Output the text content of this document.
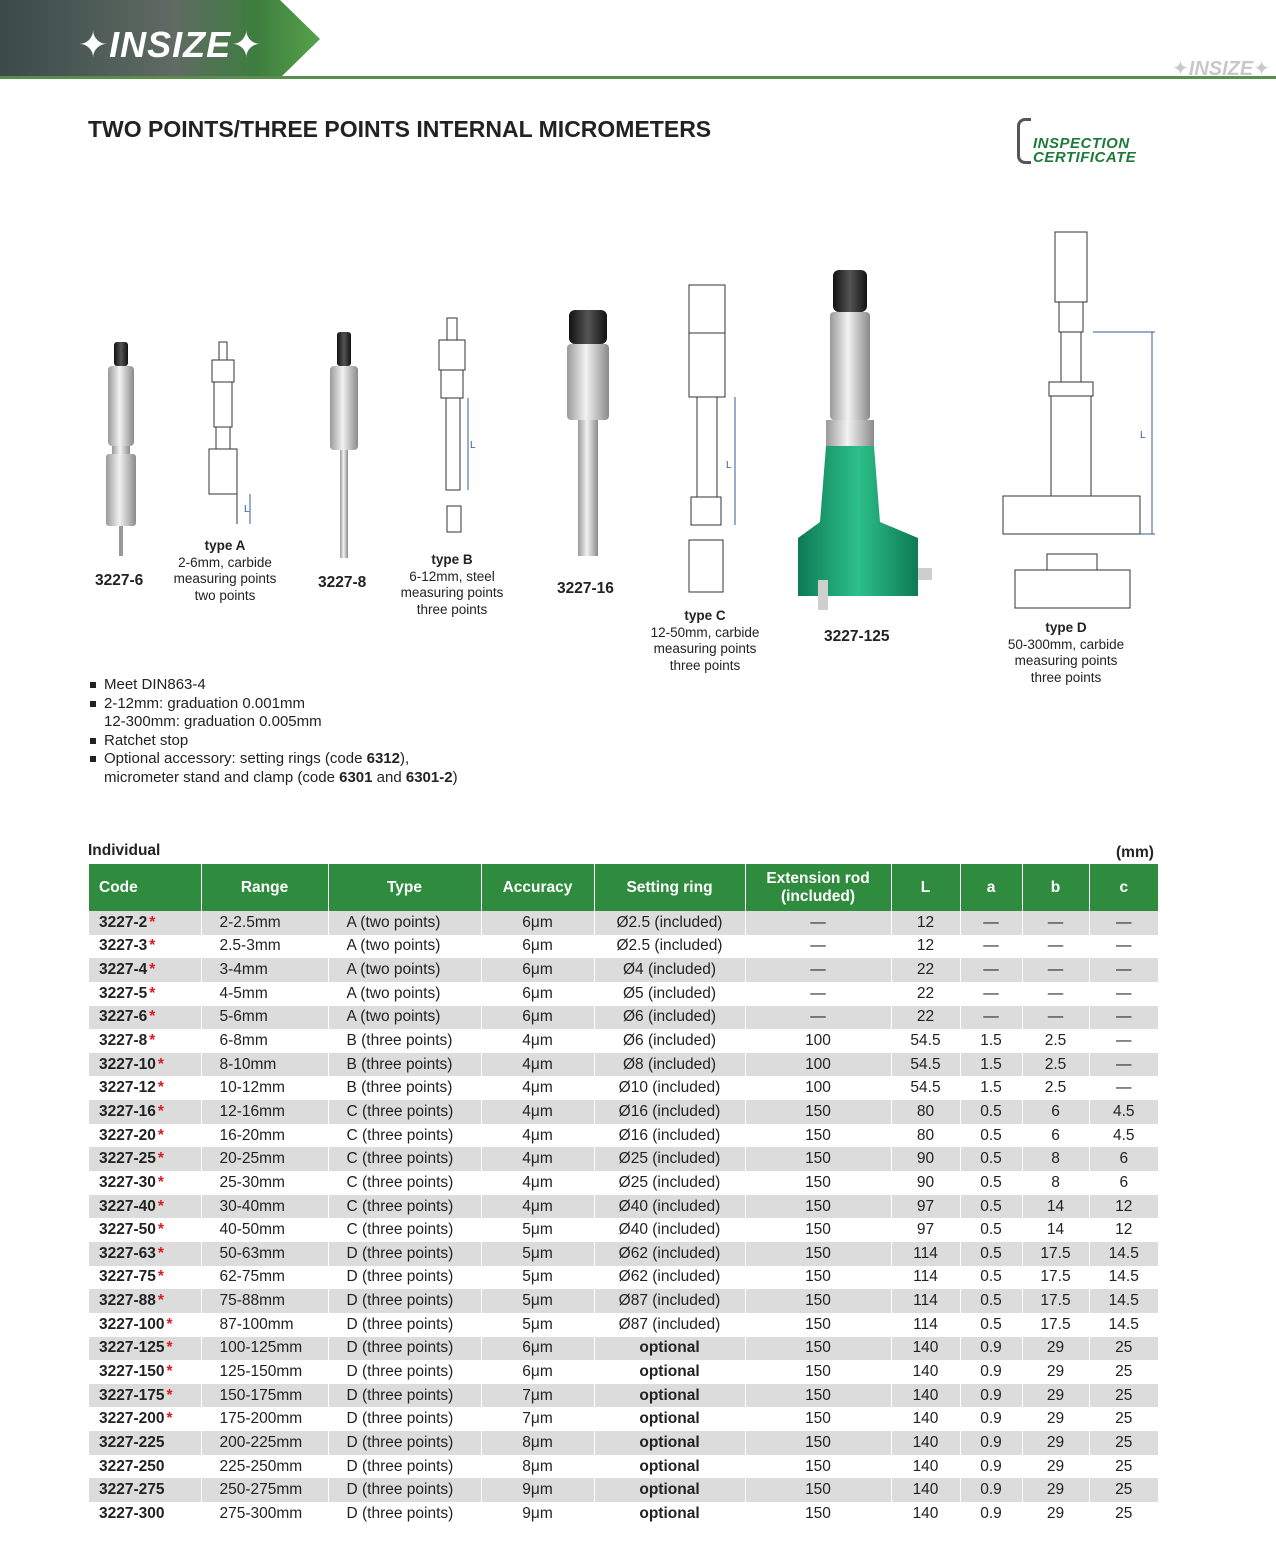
✦INSIZE✦
✦INSIZE✦
TWO POINTS/THREE POINTS INTERNAL MICROMETERS
INSPECTION
CERTIFICATE
L
L
L
L
3227-6	3227-8	3227-16
3227-125
type A
2-6mm, carbide
measuring points
two points
type B
6-12mm, steel
measuring points
three points	type C
12-50mm, carbide
measuring points
three points
type D
50-300mm, carbide
measuring points
three points
Meet DIN863-4
2-12mm: graduation 0.001mm
12-300mm: graduation 0.005mm
Ratchet stop
Optional accessory: setting rings (code 6312),
micrometer stand and clamp (code 6301 and 6301-2)
Individual	(mm)
Code	Range	Type	Accuracy	Setting ring	Extension rod
(included)	L	a	b	c
3227-2 *	2-2.5mm	A (two points)	6μm	Ø2.5 (included)	—	12	—	—	—
3227-3 *	2.5-3mm	A (two points)	6μm	Ø2.5 (included)	—	12	—	—	—
3227-4 *	3-4mm	A (two points)	6μm	Ø4 (included)	—	22	—	—	—
3227-5 *	4-5mm	A (two points)	6μm	Ø5 (included)	—	22	—	—	—
3227-6 *	5-6mm	A (two points)	6μm	Ø6 (included)	—	22	—	—	—
3227-8 *	6-8mm	B (three points)	4μm	Ø6 (included)	100	54.5	1.5	2.5	—
3227-10 *	8-10mm	B (three points)	4μm	Ø8 (included)	100	54.5	1.5	2.5	—
3227-12 *	10-12mm	B (three points)	4μm	Ø10 (included)	100	54.5	1.5	2.5	—
3227-16 *	12-16mm	C (three points)	4μm	Ø16 (included)	150	80	0.5	6	4.5
3227-20 *	16-20mm	C (three points)	4μm	Ø16 (included)	150	80	0.5	6	4.5
3227-25 *	20-25mm	C (three points)	4μm	Ø25 (included)	150	90	0.5	8	6
3227-30 *	25-30mm	C (three points)	4μm	Ø25 (included)	150	90	0.5	8	6
3227-40 *	30-40mm	C (three points)	4μm	Ø40 (included)	150	97	0.5	14	12
3227-50 *	40-50mm	C (three points)	5μm	Ø40 (included)	150	97	0.5	14	12
3227-63 *	50-63mm	D (three points)	5μm	Ø62 (included)	150	114	0.5	17.5	14.5
3227-75 *	62-75mm	D (three points)	5μm	Ø62 (included)	150	114	0.5	17.5	14.5
3227-88 *	75-88mm	D (three points)	5μm	Ø87 (included)	150	114	0.5	17.5	14.5
3227-100 *	87-100mm	D (three points)	5μm	Ø87 (included)	150	114	0.5	17.5	14.5
3227-125 *	100-125mm	D (three points)	6μm	optional	150	140	0.9	29	25
3227-150 *	125-150mm	D (three points)	6μm	optional	150	140	0.9	29	25
3227-175 *	150-175mm	D (three points)	7μm	optional	150	140	0.9	29	25
3227-200 *	175-200mm	D (three points)	7μm	optional	150	140	0.9	29	25
3227-225	200-225mm	D (three points)	8μm	optional	150	140	0.9	29	25
3227-250	225-250mm	D (three points)	8μm	optional	150	140	0.9	29	25
3227-275	250-275mm	D (three points)	9μm	optional	150	140	0.9	29	25
3227-300	275-300mm	D (three points)	9μm	optional	150	140	0.9	29	25
